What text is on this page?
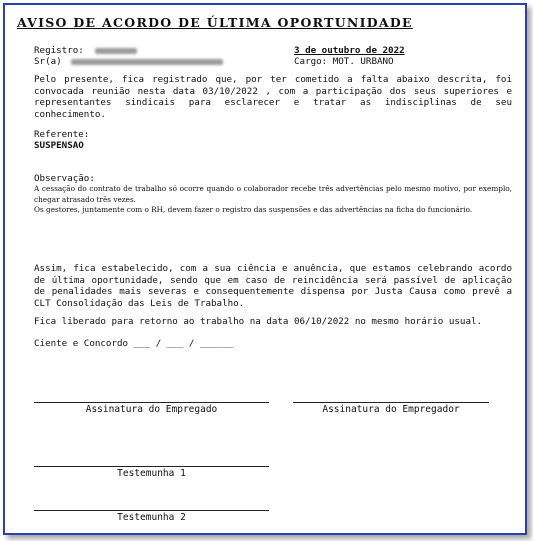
AVISO DE ACORDO DE ÚLTIMA OPORTUNIDADE
Registro:
Sr(a)
3 de outubro de 2022
Cargo: MOT. URBANO
Pelo presente, fica registrado que, por ter cometido a falta abaixo descrita, foi convocada reunião nesta data 03/10/2022 , com a participação dos seus superiores e representantes sindicais para esclarecer e tratar as indisciplinas de seu conhecimento.
Referente:
SUSPENSAO
Observação:
A cessação do contrato de trabalho só ocorre quando o colaborador recebe três advertências pelo mesmo motivo, por exemplo, chegar atrasado três vezes.
Os gestores, juntamente com o RH, devem fazer o registro das suspensões e das advertências na ficha do funcionário.
Assim, fica estabelecido, com a sua ciência e anuência, que estamos celebrando acordo de última oportunidade, sendo que em caso de reincidência será passível de aplicação de penalidades mais severas e consequentemente dispensa por Justa Causa como prevê a CLT Consolidação das Leis de Trabalho.
Fica liberado para retorno ao trabalho na data 06/10/2022 no mesmo horário usual.
Ciente e Concordo ___ / ___ / ______
Assinatura do Empregado	Assinatura do Empregador
Testemunha 1
Testemunha 2
